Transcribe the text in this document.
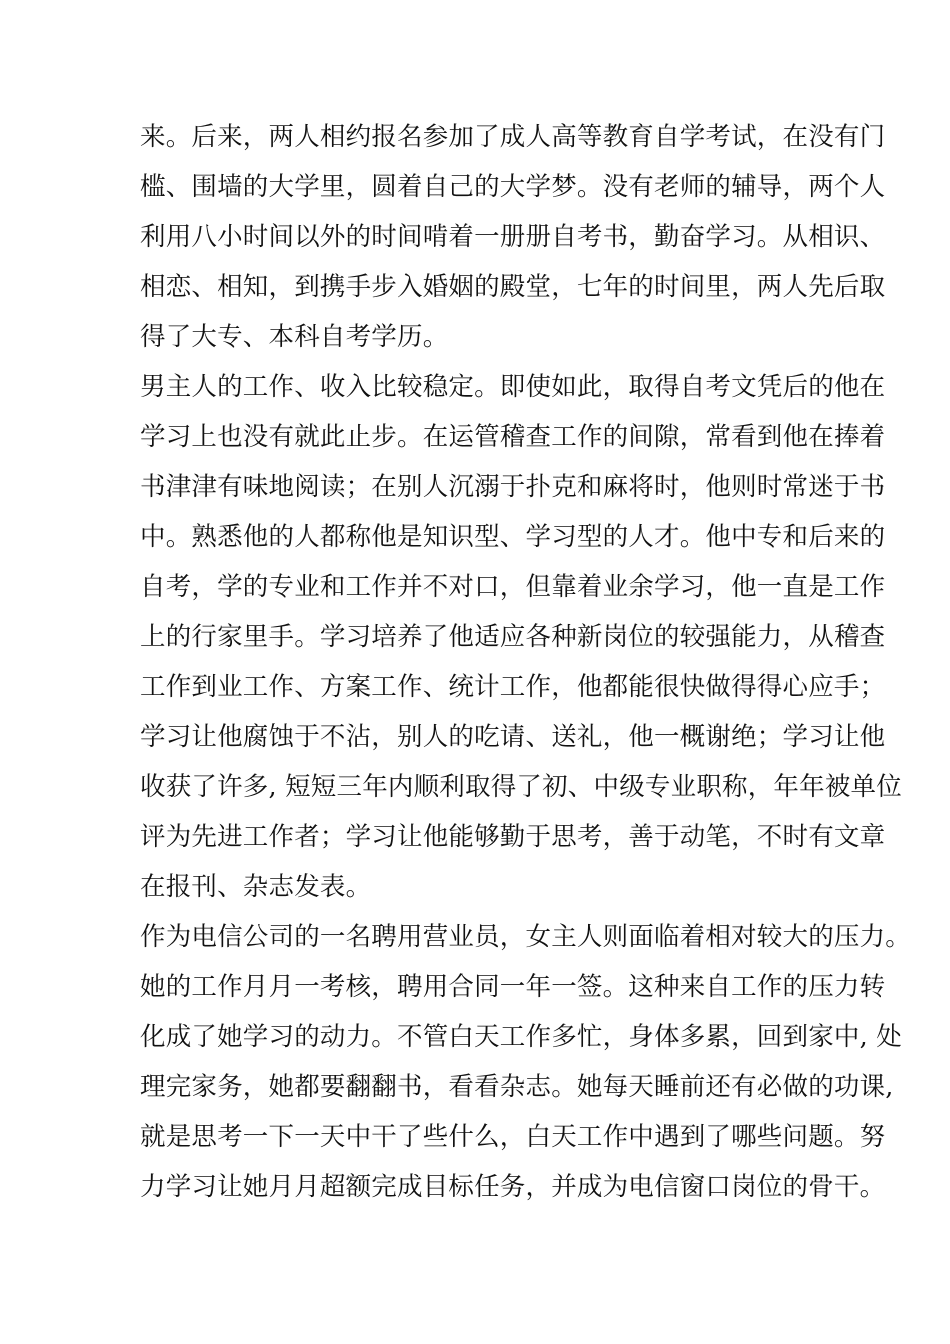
来。后来，两人相约报名参加了成人高等教育自学考试，在没有门
槛、围墙的大学里，圆着自己的大学梦。没有老师的辅导，两个人
利用八小时间以外的时间啃着一册册自考书，勤奋学习。从相识、
相恋、相知，到携手步入婚姻的殿堂，七年的时间里，两人先后取
得了大专、本科自考学历。
男主人的工作、收入比较稳定。即使如此，取得自考文凭后的他在
学习上也没有就此止步。在运管稽查工作的间隙，常看到他在捧着
书津津有味地阅读；在别人沉溺于扑克和麻将时，他则时常迷于书
中。熟悉他的人都称他是知识型、学习型的人才。他中专和后来的
自考，学的专业和工作并不对口，但靠着业余学习，他一直是工作
上的行家里手。学习培养了他适应各种新岗位的较强能力，从稽查
工作到业工作、方案工作、统计工作，他都能很快做得得心应手；
学习让他腐蚀于不沾，别人的吃请、送礼，他一概谢绝；学习让他
收获了许多, 短短三年内顺利取得了初、中级专业职称，年年被单位
评为先进工作者；学习让他能够勤于思考，善于动笔，不时有文章
在报刊、杂志发表。
作为电信公司的一名聘用营业员，女主人则面临着相对较大的压力。
她的工作月月一考核，聘用合同一年一签。这种来自工作的压力转
化成了她学习的动力。不管白天工作多忙，身体多累，回到家中, 处
理完家务，她都要翻翻书，看看杂志。她每天睡前还有必做的功课,
就是思考一下一天中干了些什么，白天工作中遇到了哪些问题。努
力学习让她月月超额完成目标任务，并成为电信窗口岗位的骨干。
